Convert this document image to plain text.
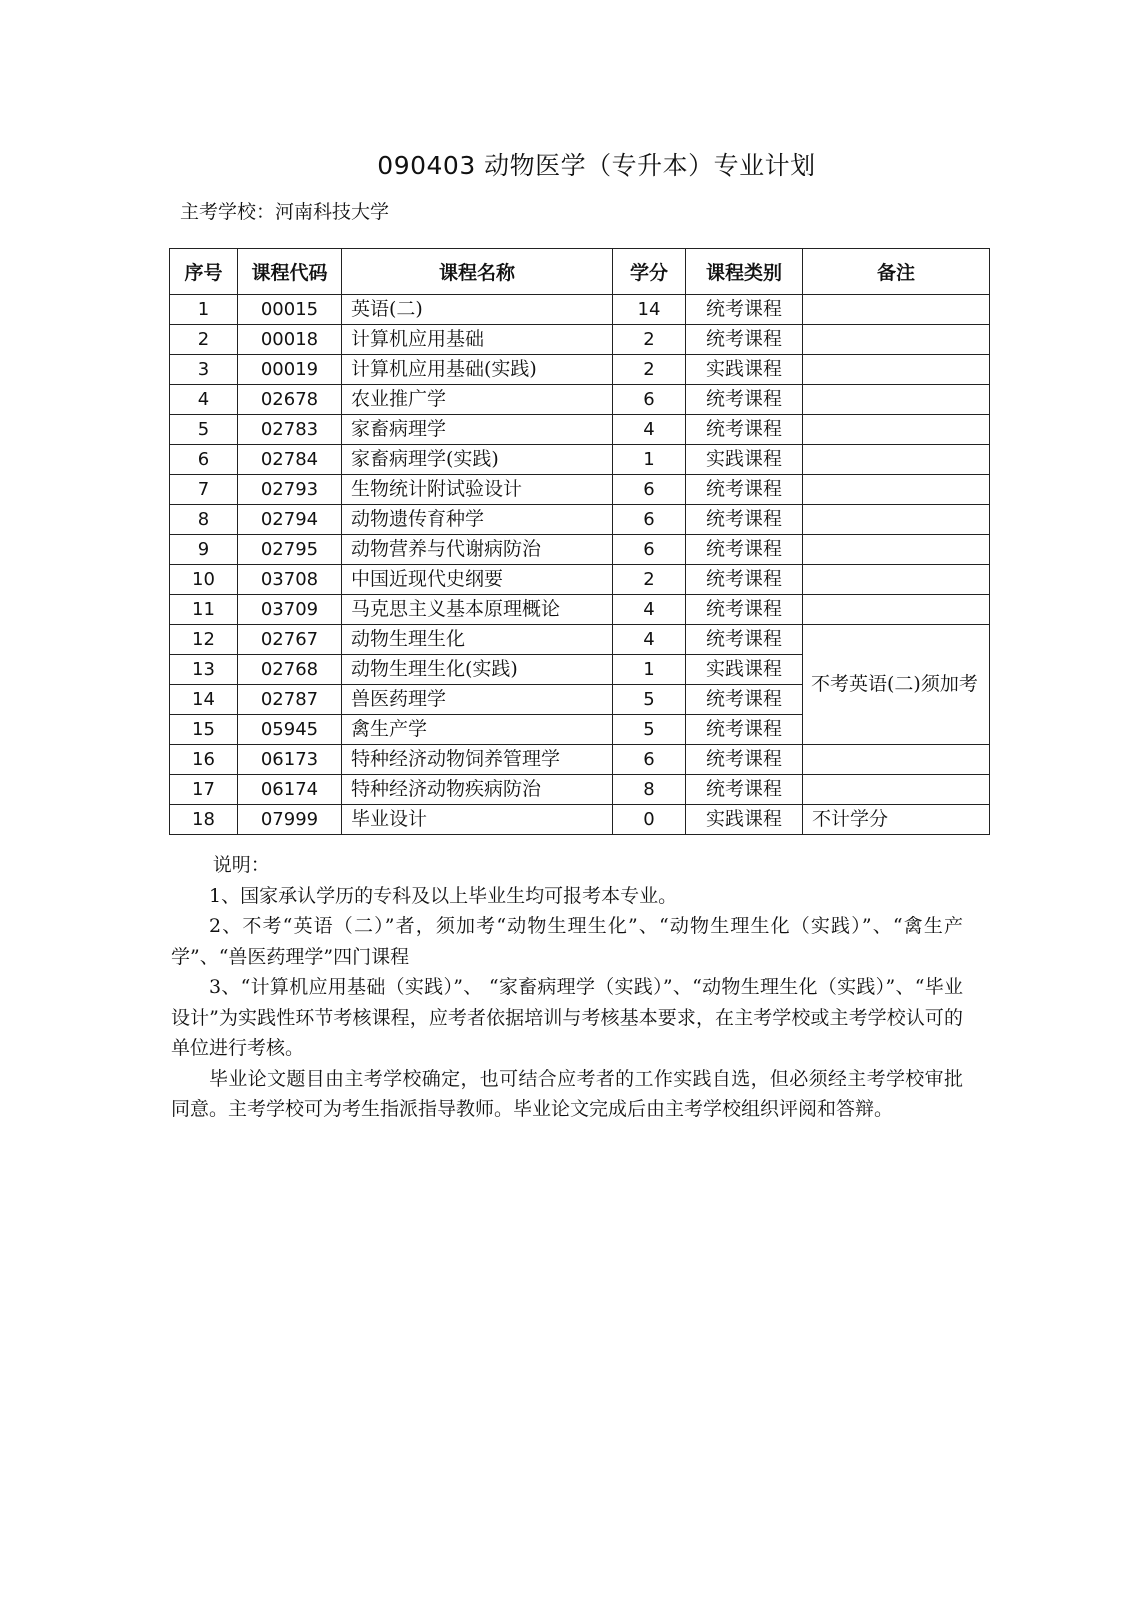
090403 动物医学（专升本）专业计划
主考学校：河南科技大学
序号	课程代码	课程名称	学分	课程类别	备注
1	00015	英语(二)	14	统考课程	
2	00018	计算机应用基础	2	统考课程	
3	00019	计算机应用基础(实践)	2	实践课程	
4	02678	农业推广学	6	统考课程	
5	02783	家畜病理学	4	统考课程	
6	02784	家畜病理学(实践)	1	实践课程	
7	02793	生物统计附试验设计	6	统考课程	
8	02794	动物遗传育种学	6	统考课程	
9	02795	动物营养与代谢病防治	6	统考课程	
10	03708	中国近现代史纲要	2	统考课程	
11	03709	马克思主义基本原理概论	4	统考课程	
12	02767	动物生理生化	4	统考课程	不考英语(二)须加考
13	02768	动物生理生化(实践)	1	实践课程	
14	02787	兽医药理学	5	统考课程	
15	05945	禽生产学	5	统考课程	
16	06173	特种经济动物饲养管理学	6	统考课程	
17	06174	特种经济动物疾病防治	8	统考课程	
18	07999	毕业设计	0	实践课程	不计学分

说明：

1、国家承认学历的专科及以上毕业生均可报考本专业。

2、不考“英语（二）”者，须加考“动物生理生化”、“动物生理生化（实践）”、“禽生产学”、“兽医药理学”四门课程

3、“计算机应用基础（实践）”、 “家畜病理学（实践）”、“动物生理生化（实践）”、“毕业设计”为实践性环节考核课程，应考者依据培训与考核基本要求，在主考学校或主考学校认可的单位进行考核。

毕业论文题目由主考学校确定，也可结合应考者的工作实践自选，但必须经主考学校审批同意。主考学校可为考生指派指导教师。毕业论文完成后由主考学校组织评阅和答辩。
